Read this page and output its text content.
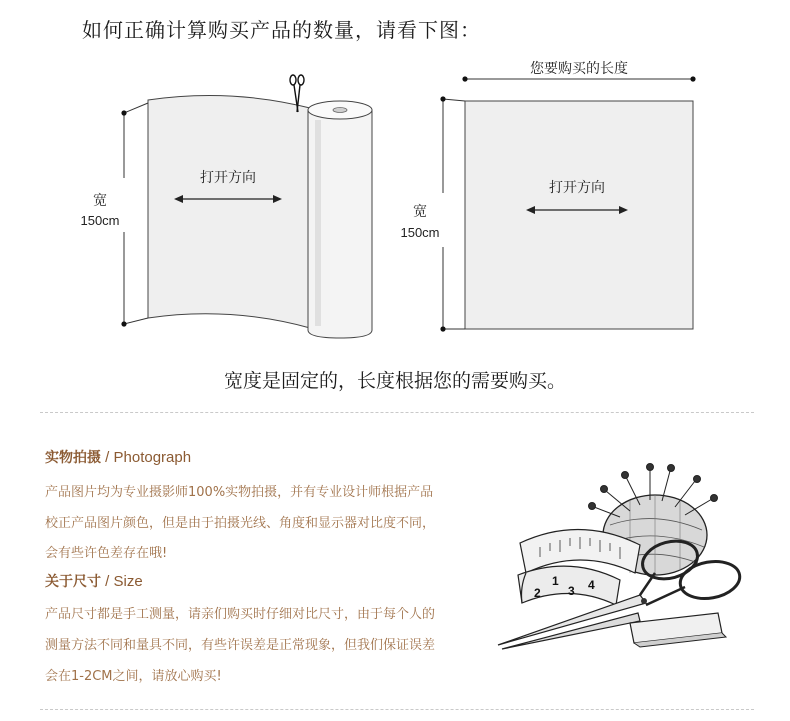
如何正确计算购买产品的数量，请看下图：
宽
150cm
打开方向
您要购买的长度
宽
150cm
打开方向
宽度是固定的，长度根据您的需要购买。
实物拍摄 / Photograph
产品图片均为专业摄影师100%实物拍摄，并有专业设计师根据产品
校正产品图片颜色，但是由于拍摄光线、角度和显示器对比度不同，
会有些许色差存在哦!
关于尺寸 / Size
产品尺寸都是手工测量，请亲们购买时仔细对比尺寸，由于每个人的
测量方法不同和量具不同，有些许误差是正常现象，但我们保证误差
会在1-2CM之间，请放心购买!
2
1
3 4
